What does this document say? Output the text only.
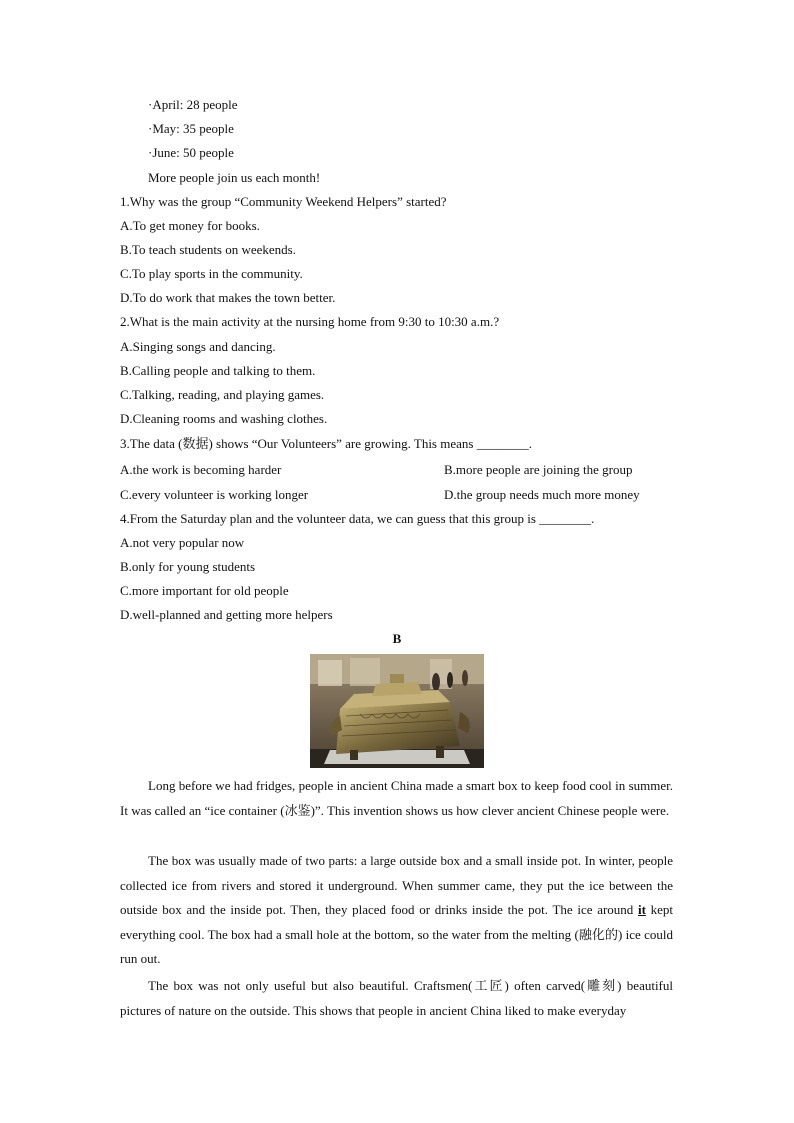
·April: 28 people
·May: 35 people
·June: 50 people
More people join us each month!
1.Why was the group “Community Weekend Helpers” started?
A.To get money for books.
B.To teach students on weekends.
C.To play sports in the community.
D.To do work that makes the town better.
2.What is the main activity at the nursing home from 9:30 to 10:30 a.m.?
A.Singing songs and dancing.
B.Calling people and talking to them.
C.Talking, reading, and playing games.
D.Cleaning rooms and washing clothes.
3.The data (数据) shows “Our Volunteers” are growing. This means ________.
A.the work is becoming harder	B.more people are joining the group
C.every volunteer is working longer	D.the group needs much more money
4.From the Saturday plan and the volunteer data, we can guess that this group is ________.
A.not very popular now
B.only for young students
C.more important for old people
D.well-planned and getting more helpers
B
Long before we had fridges, people in ancient China made a smart box to keep food cool in summer. It was called an “ice container (冰鉴)”. This invention shows us how clever ancient Chinese people were.
The box was usually made of two parts: a large outside box and a small inside pot. In winter, people collected ice from rivers and stored it underground. When summer came, they put the ice between the outside box and the inside pot. Then, they placed food or drinks inside the pot. The ice around it kept everything cool. The box had a small hole at the bottom, so the water from the melting (融化的) ice could run out.
The box was not only useful but also beautiful. Craftsmen(工匠) often carved(雕刻) beautiful pictures of nature on the outside. This shows that people in ancient China liked to make everyday
